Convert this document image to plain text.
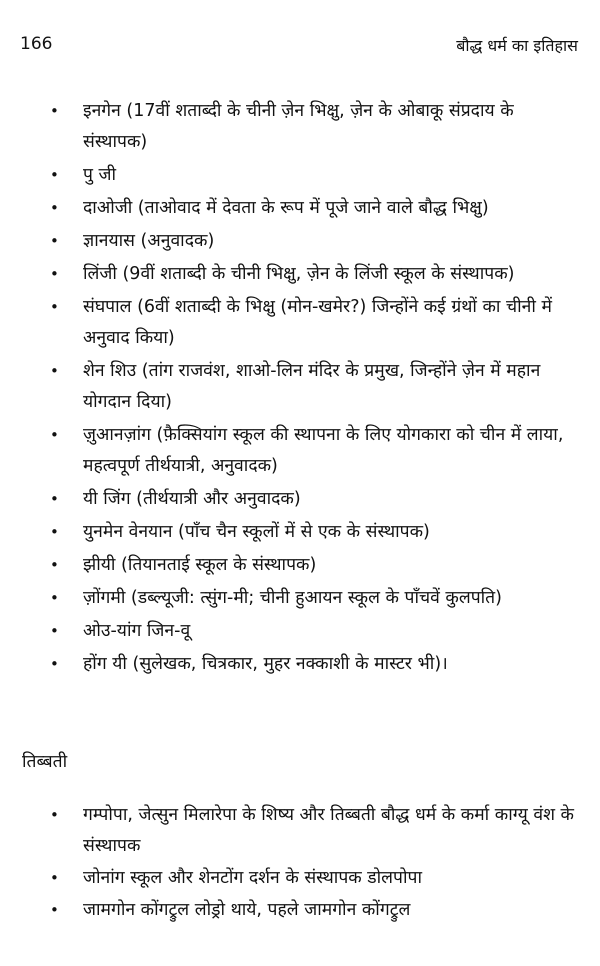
166	बौद्ध धर्म का इतिहास
• इनगेन (17वीं शताब्दी के चीनी ज़ेन भिक्षु, ज़ेन के ओबाकू संप्रदाय के संस्थापक)
• पु जी
• दाओजी (ताओवाद में देवता के रूप में पूजे जाने वाले बौद्ध भिक्षु)
• ज्ञानयास (अनुवादक)
• लिंजी (9वीं शताब्दी के चीनी भिक्षु, ज़ेन के लिंजी स्कूल के संस्थापक)
• संघपाल (6वीं शताब्दी के भिक्षु (मोन-खमेर?) जिन्होंने कई ग्रंथों का चीनी में अनुवाद किया)
• शेन शिउ (तांग राजवंश, शाओ-लिन मंदिर के प्रमुख, जिन्होंने ज़ेन में महान योगदान दिया)
• ज़ुआनज़ांग (फ़ैक्सियांग स्कूल की स्थापना के लिए योगकारा को चीन में लाया, महत्वपूर्ण तीर्थयात्री, अनुवादक)
• यी जिंग (तीर्थयात्री और अनुवादक)
• युनमेन वेनयान (पाँच चैन स्कूलों में से एक के संस्थापक)
• झीयी (तियानताई स्कूल के संस्थापक)
• ज़ोंगमी (डब्ल्यूजी: त्सुंग-मी; चीनी हुआयन स्कूल के पाँचवें कुलपति)
• ओउ-यांग जिन-वू
• होंग यी (सुलेखक, चित्रकार, मुहर नक्काशी के मास्टर भी)।
तिब्बती
• गम्पोपा, जेत्सुन मिलारेपा के शिष्य और तिब्बती बौद्ध धर्म के कर्मा काग्यू वंश के संस्थापक
• जोनांग स्कूल और शेनटोंग दर्शन के संस्थापक डोलपोपा
• जामगोन कोंगट्रुल लोड्रो थाये, पहले जामगोन कोंगट्रुल
